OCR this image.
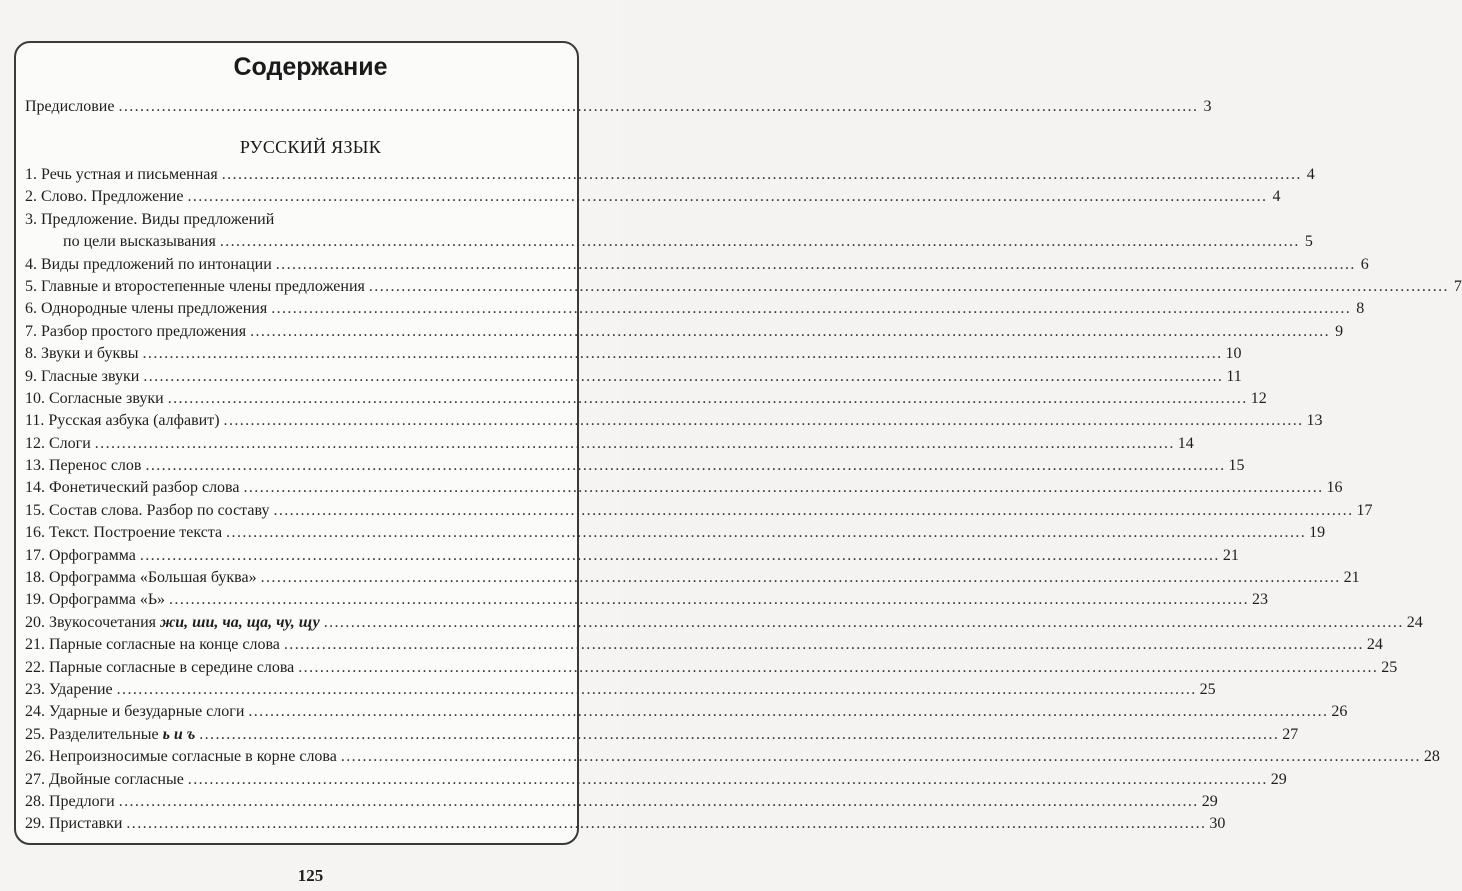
Содержание
Предисловие ........................................................................................................................................................................................................ 3
РУССКИЙ ЯЗЫК
1. Речь устная и письменная ........................................................................................................................................................................................................ 4
2. Слово. Предложение ........................................................................................................................................................................................................ 4
3. Предложение. Виды предложений
по цели высказывания ........................................................................................................................................................................................................ 5
4. Виды предложений по интонации ........................................................................................................................................................................................................ 6
5. Главные и второстепенные члены предложения ........................................................................................................................................................................................................ 7
6. Однородные члены предложения ........................................................................................................................................................................................................ 8
7. Разбор простого предложения ........................................................................................................................................................................................................ 9
8. Звуки и буквы ........................................................................................................................................................................................................ 10
9. Гласные звуки ........................................................................................................................................................................................................ 11
10. Согласные звуки ........................................................................................................................................................................................................ 12
11. Русская азбука (алфавит) ........................................................................................................................................................................................................ 13
12. Слоги ........................................................................................................................................................................................................ 14
13. Перенос слов ........................................................................................................................................................................................................ 15
14. Фонетический разбор слова ........................................................................................................................................................................................................ 16
15. Состав слова. Разбор по составу ........................................................................................................................................................................................................ 17
16. Текст. Построение текста ........................................................................................................................................................................................................ 19
17. Орфограмма ........................................................................................................................................................................................................ 21
18. Орфограмма «Большая буква» ........................................................................................................................................................................................................ 21
19. Орфограмма «Ь» ........................................................................................................................................................................................................ 23
20. Звукосочетания жи, ши, ча, ща, чу, щу ........................................................................................................................................................................................................ 24
21. Парные согласные на конце слова ........................................................................................................................................................................................................ 24
22. Парные согласные в середине слова ........................................................................................................................................................................................................ 25
23. Ударение ........................................................................................................................................................................................................ 25
24. Ударные и безударные слоги ........................................................................................................................................................................................................ 26
25. Разделительные ь и ъ ........................................................................................................................................................................................................ 27
26. Непроизносимые согласные в корне слова ........................................................................................................................................................................................................ 28
27. Двойные согласные ........................................................................................................................................................................................................ 29
28. Предлоги ........................................................................................................................................................................................................ 29
29. Приставки ........................................................................................................................................................................................................ 30
125
